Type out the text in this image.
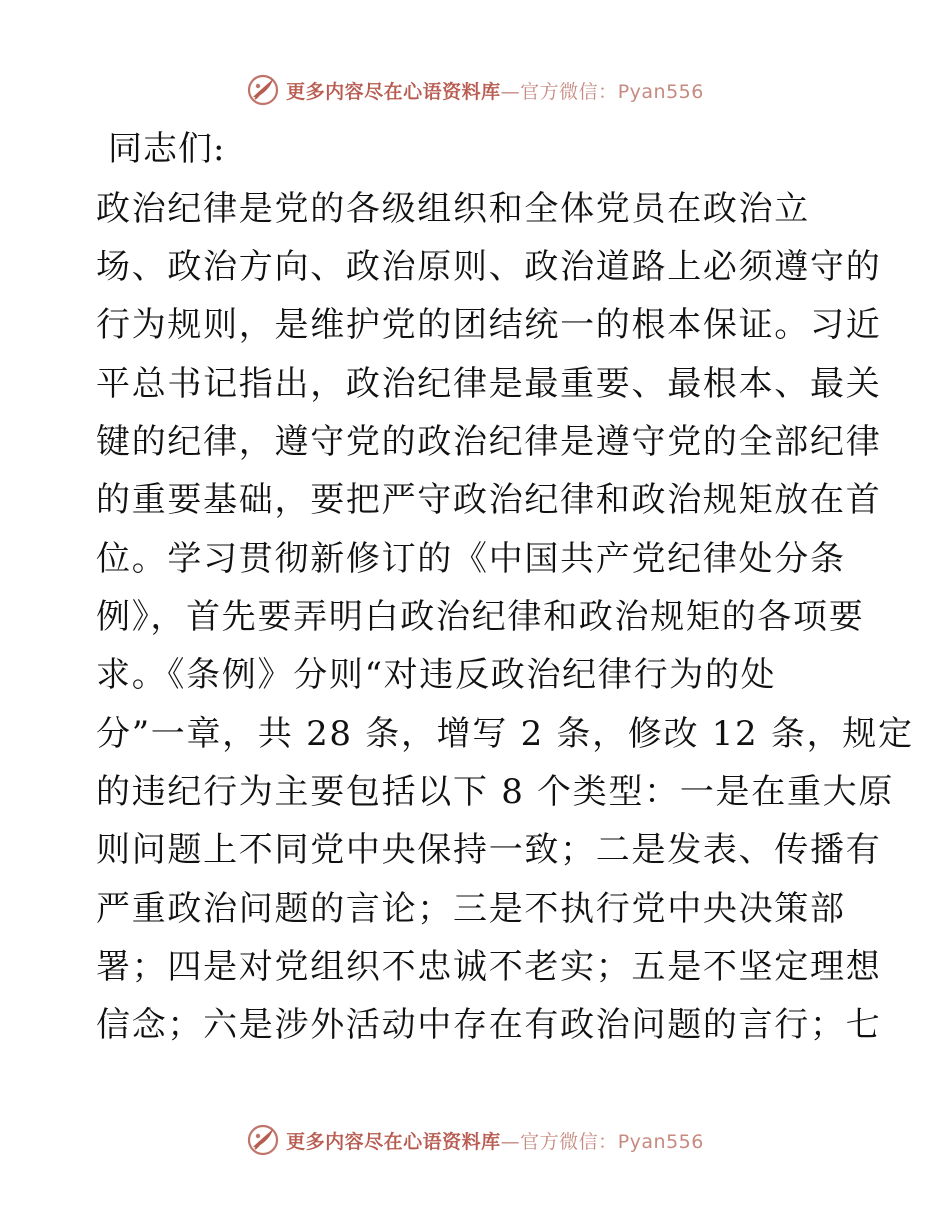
更多内容尽在心语资料库—官方微信：Pyan556
同志们:
政治纪律是党的各级组织和全体党员在政治立
场、政治方向、政治原则、政治道路上必须遵守的
行为规则，是维护党的团结统一的根本保证。习近
平总书记指出，政治纪律是最重要、最根本、最关
键的纪律，遵守党的政治纪律是遵守党的全部纪律
的重要基础，要把严守政治纪律和政治规矩放在首
位。学习贯彻新修订的《中国共产党纪律处分条
例》，首先要弄明白政治纪律和政治规矩的各项要
求。《条例》分则“对违反政治纪律行为的处
分”一章，共 28 条，增写 2 条，修改 12 条，规定
的违纪行为主要包括以下 8 个类型：一是在重大原
则问题上不同党中央保持一致；二是发表、传播有
严重政治问题的言论；三是不执行党中央决策部
署；四是对党组织不忠诚不老实；五是不坚定理想
信念；六是涉外活动中存在有政治问题的言行；七
更多内容尽在心语资料库—官方微信：Pyan556
